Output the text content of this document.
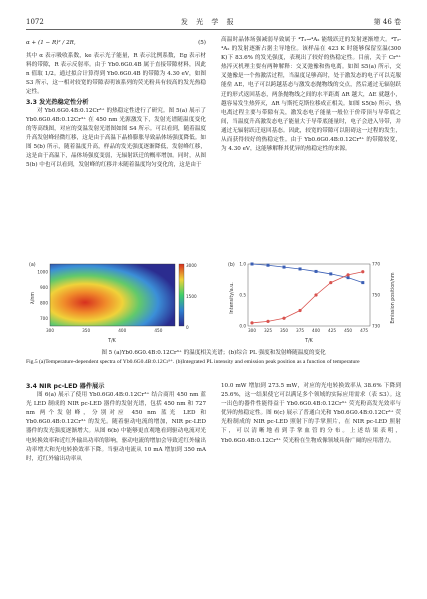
1072	发 光 学 报	第 46 卷
α + (1 − R)² / 2R,	(5)

其中 α 表示吸收系数，ke 表示光子能量，R 表示比例系数，Eg 表示材料的带隙，R 表示反射率。由于 Yb0.6G0.4B 属于直接带隙材料，因此 n 值取 1/2。通过拟合计算得到 Yb0.6G0.4B 的带隙为 4.30 eV，如图 S3 所示，这一相对较宽的带隙表明该系列的荧光粉具有较高的发光热稳定性。

3.3 发光热稳定性分析

对 Yb0.6G0.4B:0.12Cr³⁺ 的热稳定性进行了研究。图 5(a) 展示了 Yb0.6G0.4B:0.12Cr³⁺ 在 450 nm 光源激发下，发射光谱随温度变化的等高线图，对应的变温发射光谱图如图 S4 所示。可以看到，随着温度升高发射峰轻微红移，这是由于高温下晶格膨胀导致晶体场强度降低。如图 5(b) 所示，随着温度升高，样品的发光强度逐渐降低，发射峰红移，这是由于高温下，晶体场强度变弱，无辐射跃迁的概率增加。同时，从图 5(b) 中也可以看到，发射峰的红移并未随着温度均匀变化的，这是由于

高温时晶体场强减弱导致属于 ⁴T₂→⁴A₂ 能级跃迁的发射逐渐增大。⁴T₂-⁴A₂ 的发射逐渐占据主导地位。该样品在 423 K 时能够保留室温(300 K)下 83.6% 的发光强度，表现出了较好的热稳定性。目前，关于 Cr³⁺ 热淬灭机理主要有两种解释：交叉弛豫和热电离。如图 S5(a) 所示，交叉弛豫是一个热激活过程，当温度足够高时，处于激发态的电子可以克服能垒 ΔE，电子可以跨越基态与激发态抛物线的交点，然后通过无辐射跃迁的形式返回基态，两条抛物线之间的水平距离 ΔR 越大，ΔE 就越小，越容易发生热猝灭，ΔR 与斯托克斯位移成正相关。如图 S5(b) 所示，热电离过程主要与带隙有关，激发态电子能量一般位于价带顶与导带底之间，当温度升高激发态电子能量大于导带底能量时，电子会进入导带，并通过无辐射跃迁返回基态。因此，较宽的带隙可以阻碍这一过程的发生，从而获得较好的热稳定性。由于 Yb0.6G0.4B:0.12Cr³⁺ 的带隙较宽，为 4.30 eV，这能够解释其优异的热稳定性的来源。

(a)
300	350	400	450
700
800
900
1000
3000
1500
0
T/K
λ/nm
(b)
300 325 350 375 400 425 450 475
0.0
0.5
1.0
730
750
770
T/K
Intensity/a.u.	Emission position/nm
图 5 (a)Yb0.6G0.4B:0.12Cr³⁺ 的温度相关光谱；(b)综合 PL 强度和发射峰随温度的变化
Fig.5 (a)Temperature-dependent spectra of Yb0.6G0.4B:0.12Cr³⁺. (b)Integrated PL intensity and emission peak position as a function of temperature

3.4 NIR pc-LED 器件展示

图 6(a) 展示了使用 Yb0.6G0.4B:0.12Cr³⁺ 结合商用 450 nm 蓝光 LED 制成的 NIR pc-LED 器件的发射光谱，包括 450 nm 和 727 nm 两个发射峰，分别对应 450 nm 蓝光 LED 和 Yb0.6G0.4B:0.12Cr³⁺ 的发光。随着驱动电流的增加，NIR pc-LED 器件的发光强度逐渐增大。从图 6(b) 中能够更直观地看到驱动电流对光电转换效率和近红外输出功率的影响，驱动电流的增加会导致近红外输出功率增大和光电转换效率下降。当驱动电流从 10 mA 增加到 350 mA 时，近红外输出功率从

10.0 mW 增加到 273.5 mW，对应的光电转换效率从 38.6% 下降到 25.6%，这一结果使它可以满足多个领域的实际应用需求（表 S3）。这一出色的器件性能得益于 Yb0.6G0.4B:0.12Cr³⁺ 荧光粉高发光效率与优异的热稳定性。图 6(c) 展示了普通白光和 Yb0.6G0.4B:0.12Cr³⁺ 荧光粉制成的 NIR pc-LED 照射下的手掌照片，在 NIR pc-LED 照射下，可以清晰地看到手掌血管的分布。上述结果表明，Yb0.6G0.4B:0.12Cr³⁺ 荧光粉在生物成像领域具备广阔的应用潜力。
